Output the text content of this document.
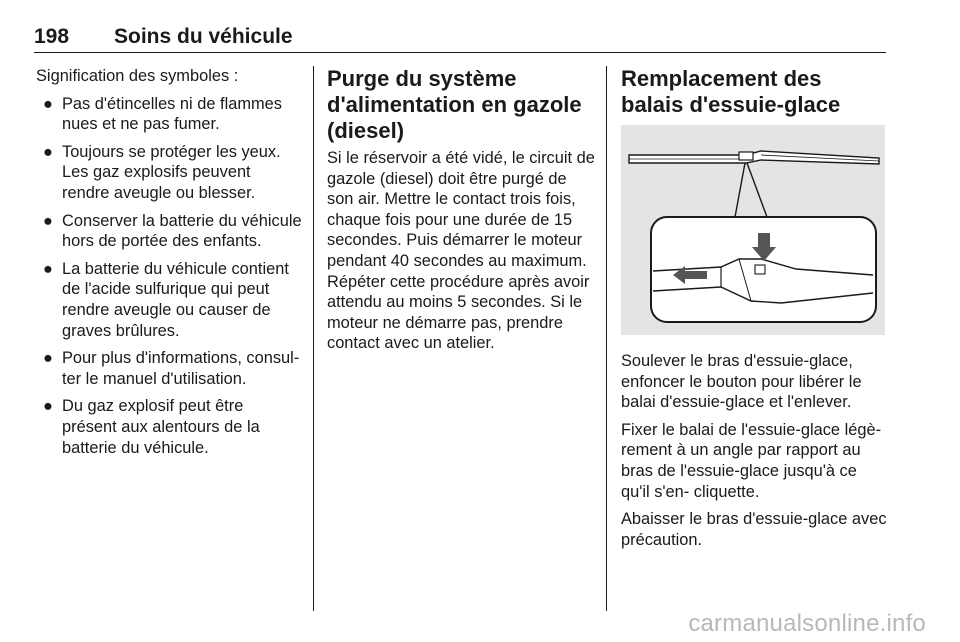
198 Soins du véhicule

Signification des symboles :

● Pas d'étincelles ni de flammes nues et ne pas fumer.
● Toujours se protéger les yeux. Les gaz explosifs peuvent rendre aveugle ou blesser.
● Conserver la batterie du véhicule hors de portée des enfants.
● La batterie du véhicule contient de l'acide sulfurique qui peut rendre aveugle ou causer de graves brûlures.
● Pour plus d'informations, consul- ter le manuel d'utilisation.
● Du gaz explosif peut être présent aux alentours de la batterie du véhicule.
Purge du système d'alimentation en gazole (diesel)

Si le réservoir a été vidé, le circuit de gazole (diesel) doit être purgé de son air. Mettre le contact trois fois, chaque fois pour une durée de 15 secondes. Puis démarrer le moteur pendant 40 secondes au maximum. Répéter cette procédure après avoir attendu au moins 5 secondes. Si le moteur ne démarre pas, prendre contact avec un atelier.

Remplacement des balais d'essuie-glace

Soulever le bras d'essuie-glace, enfoncer le bouton pour libérer le balai d'essuie-glace et l'enlever.

Fixer le balai de l'essuie-glace légè- rement à un angle par rapport au bras de l'essuie-glace jusqu'à ce qu'il s'en- cliquette.

Abaisser le bras d'essuie-glace avec précaution.

carmanualsonline.info
